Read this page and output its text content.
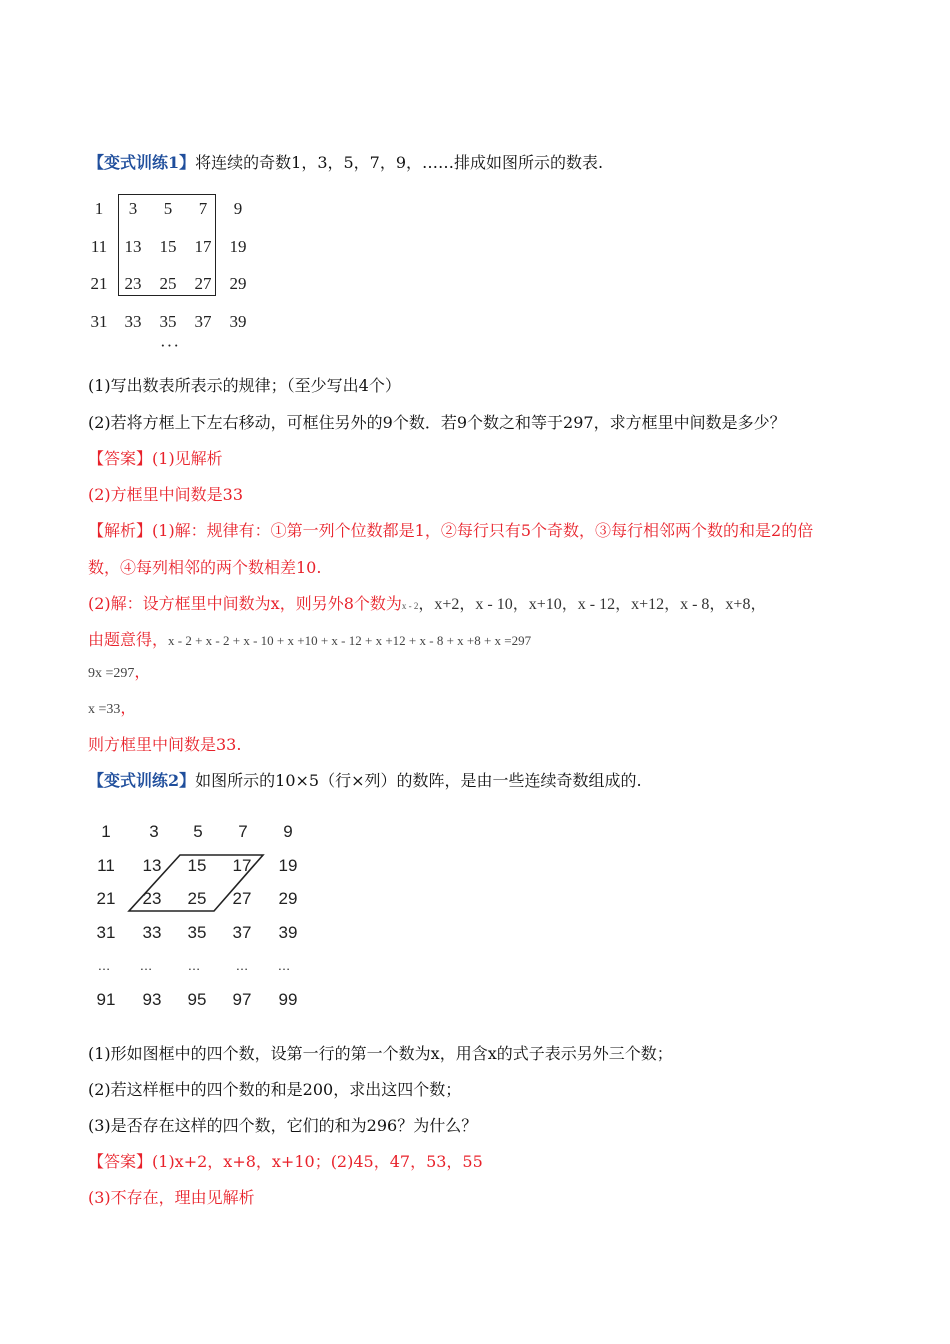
【变式训练1】将连续的奇数1，3，5，7，9，……排成如图所示的数表.
1	3	5	7	9
11	13	15	17	19
21	23	25	27	29
31	33	35	37	39
···
(1)写出数表所表示的规律；（至少写出4个）
(2)若将方框上下左右移动，可框住另外的9个数．若9个数之和等于297，求方框里中间数是多少？
【答案】(1)见解析
(2)方框里中间数是33
【解析】(1)解：规律有：①第一列个位数都是1，②每行只有5个奇数，③每行相邻两个数的和是2的倍
数，④每列相邻的两个数相差10.
(2)解：设方框里中间数为x，则另外8个数为x - 2，x+2，x - 10，x+10，x - 12，x+12，x - 8，x+8，
由题意得，x - 2 + x - 2 + x - 10 + x +10 + x - 12 + x +12 + x - 8 + x +8 + x =297
9x =297，
x =33，
则方框里中间数是33.
【变式训练2】如图所示的10×5（行×列）的数阵，是由一些连续奇数组成的.
1	3	5	7	9
11	13	15	17	19
21	23	25	27	29
31	33	35	37	39
…	…	…	…	…
91	93	95	97	99
(1)形如图框中的四个数，设第一行的第一个数为x，用含x的式子表示另外三个数；
(2)若这样框中的四个数的和是200，求出这四个数；
(3)是否存在这样的四个数，它们的和为296？为什么？
【答案】(1)x+2，x+8，x+10；(2)45，47，53，55
(3)不存在，理由见解析
